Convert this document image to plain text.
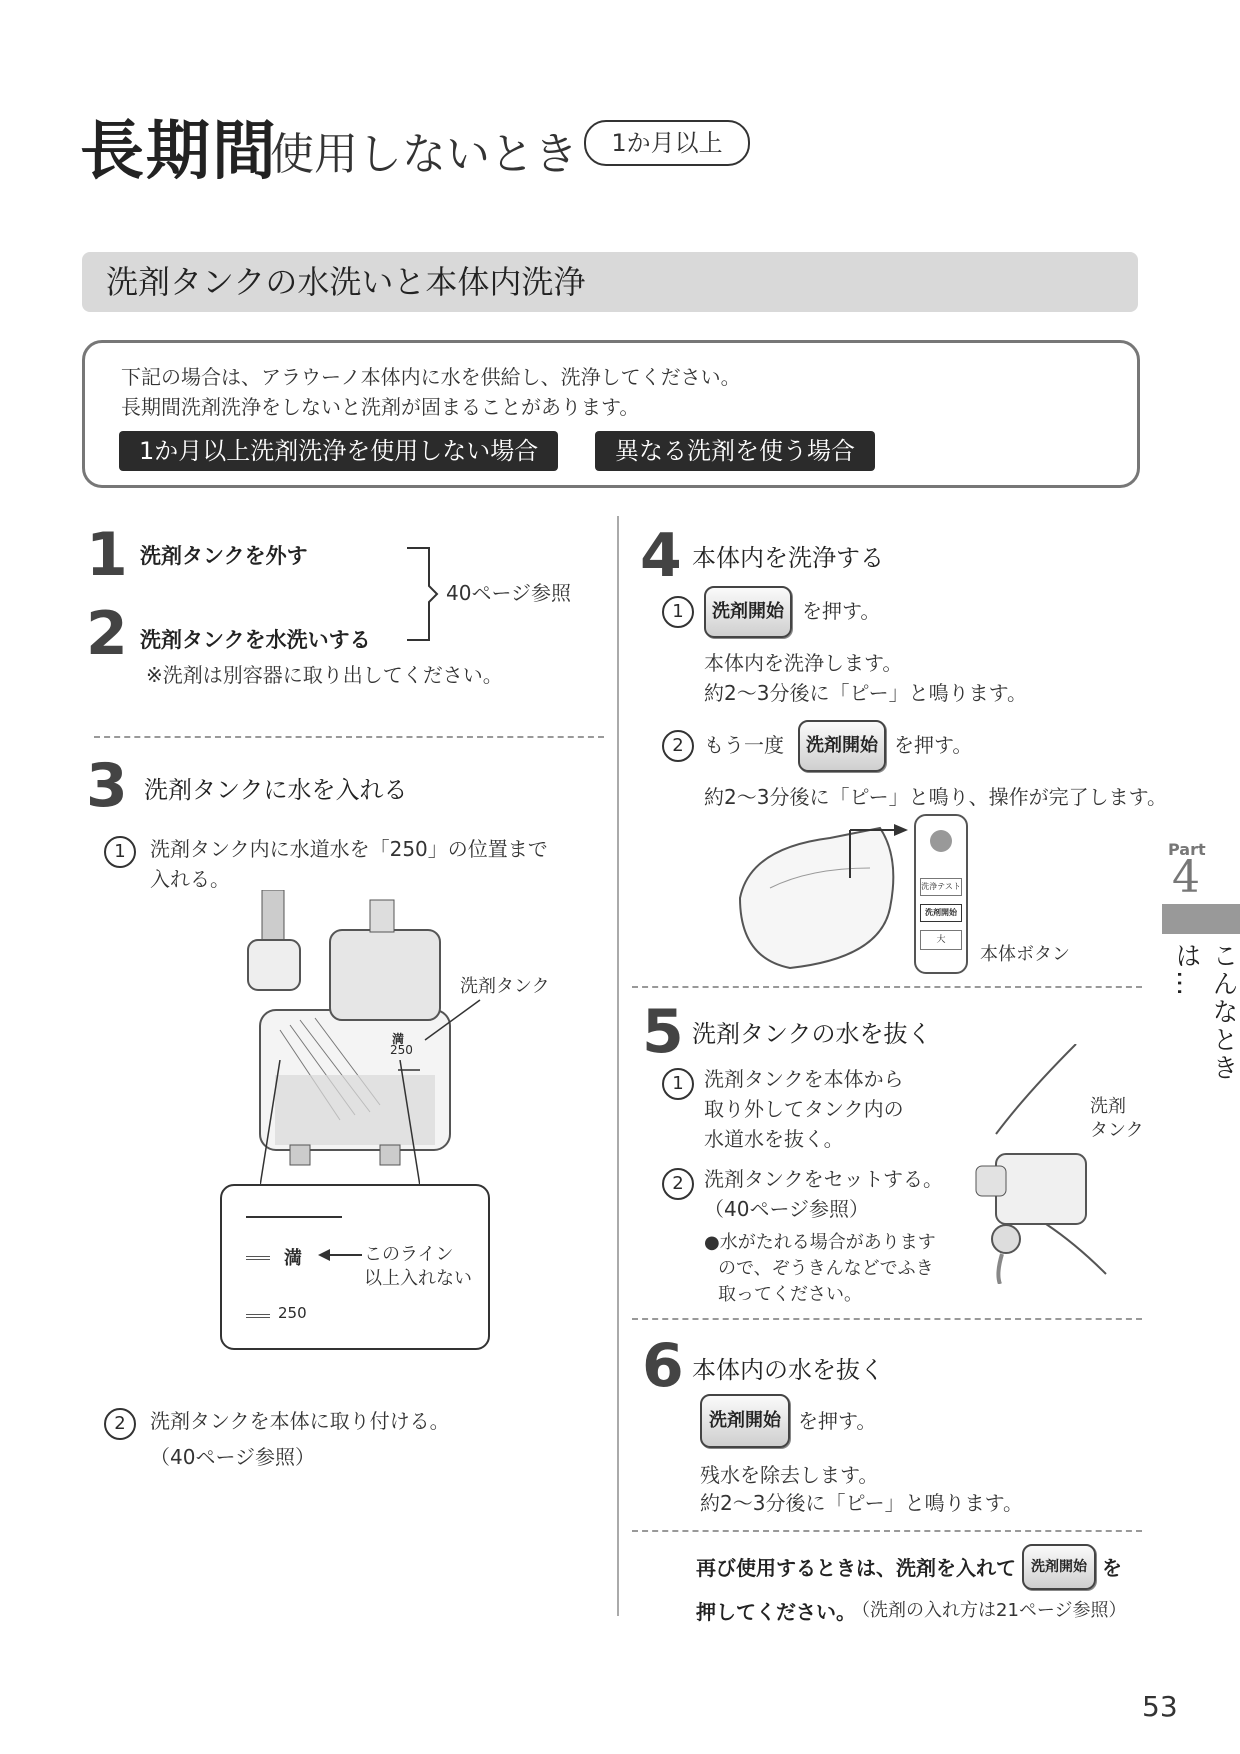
長期間
使用しないとき	1か月以上
洗剤タンクの水洗いと本体内洗浄
下記の場合は、アラウーノ本体内に水を供給し、洗浄してください。
長期間洗剤洗浄をしないと洗剤が固まることがあります。
1か月以上洗剤洗浄を使用しない場合	異なる洗剤を使う場合
1 洗剤タンクを外す
2 洗剤タンクを水洗いする
※洗剤は別容器に取り出してください。
40ページ参照
3 洗剤タンクに水を入れる
1	洗剤タンク内に水道水を「250」の位置まで
入れる。
洗剤タンク
満
250
満	このライン
以上入れない
250
2	洗剤タンクを本体に取り付ける。
（40ページ参照）
4 本体内を洗浄する
1	洗剤開始 を押す。
本体内を洗浄します。
約2〜3分後に「ピー」と鳴ります。
2	もう一度	洗剤開始 を押す。
約2〜3分後に「ピー」と鳴り、操作が完了します。
洗浄テスト
洗剤開始
大
本体ボタン
5 洗剤タンクの水を抜く
1	洗剤タンクを本体から
取り外してタンク内の
水道水を抜く。
2	洗剤タンクをセットする。
（40ページ参照）
●水がたれる場合があります
ので、ぞうきんなどでふき
取ってください。
洗剤
タンク
6 本体内の水を抜く
洗剤開始 を押す。
残水を除去します。
約2〜3分後に「ピー」と鳴ります。
再び使用するときは、洗剤を入れて	洗剤開始 を
押してください。
（洗剤の入れ方は21ページ参照）
Part
4
こんなときは…
53
